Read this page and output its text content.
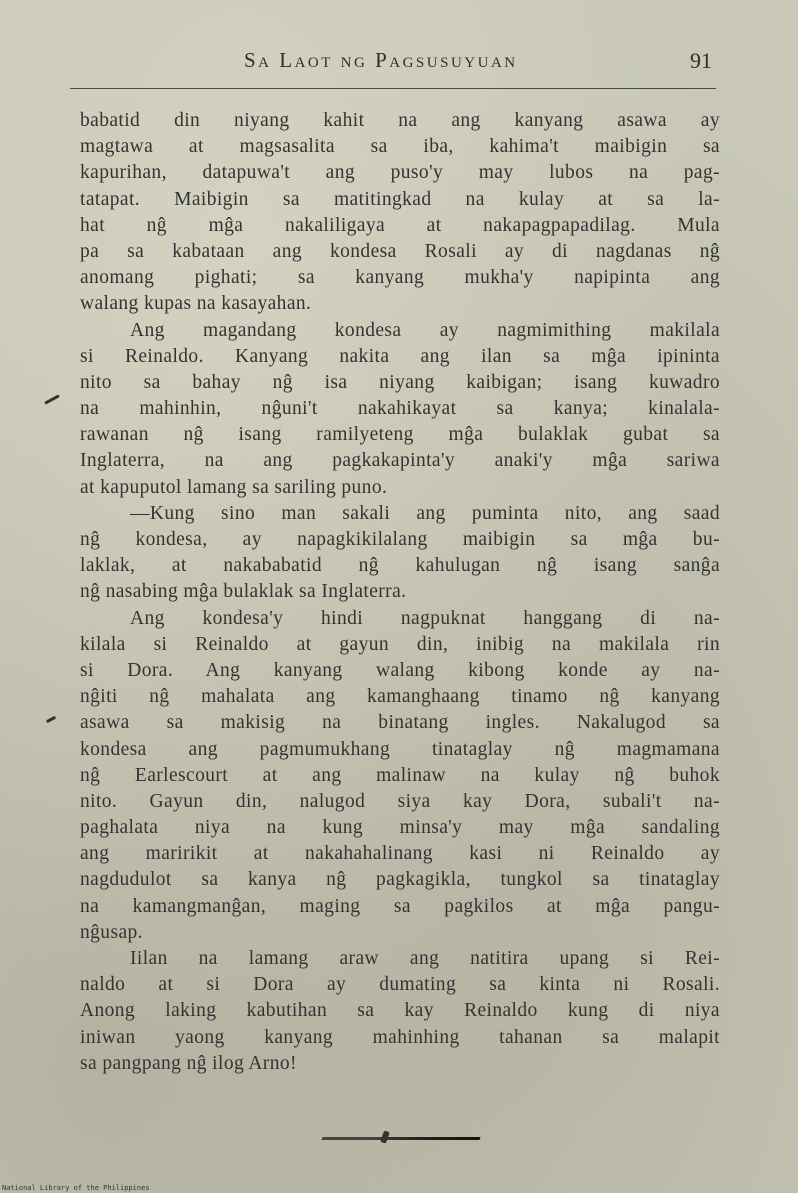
Sa Laot ng Pagsusuyuan	91
babatid din niyang kahit na ang kanyang asawa ay
magtawa at magsasalita sa iba, kahima't maibigin sa
kapurihan, datapuwa't ang puso'y may lubos na pag-
tatapat. Maibigin sa matitingkad na kulay at sa la-
hat nĝ mĝa nakaliligaya at nakapagpapadilag. Mula
pa sa kabataan ang kondesa Rosali ay di nagdanas nĝ
anomang pighati; sa kanyang mukha'y napipinta ang
walang kupas na kasayahan.
Ang magandang kondesa ay nagmimithing makilala
si Reinaldo. Kanyang nakita ang ilan sa mĝa ipininta
nito sa bahay nĝ isa niyang kaibigan; isang kuwadro
na mahinhin, nĝuni't nakahikayat sa kanya; kinalala-
rawanan nĝ isang ramilyeteng mĝa bulaklak gubat sa
Inglaterra, na ang pagkakapinta'y anaki'y mĝa sariwa
at kapuputol lamang sa sariling puno.
—Kung sino man sakali ang puminta nito, ang saad
nĝ kondesa, ay napagkikilalang maibigin sa mĝa bu-
laklak, at nakababatid nĝ kahulugan nĝ isang sanĝa
nĝ nasabing mĝa bulaklak sa Inglaterra.
Ang kondesa'y hindi nagpuknat hanggang di na-
kilala si Reinaldo at gayun din, inibig na makilala rin
si Dora. Ang kanyang walang kibong konde ay na-
nĝiti nĝ mahalata ang kamanghaang tinamo nĝ kanyang
asawa sa makisig na binatang ingles. Nakalugod sa
kondesa ang pagmumukhang tinataglay nĝ magmamana
nĝ Earlescourt at ang malinaw na kulay nĝ buhok
nito. Gayun din, nalugod siya kay Dora, subali't na-
paghalata niya na kung minsa'y may mĝa sandaling
ang maririkit at nakahahalinang kasi ni Reinaldo ay
nagdudulot sa kanya nĝ pagkagikla, tungkol sa tinataglay
na kamangmanĝan, maging sa pagkilos at mĝa pangu-
nĝusap.
Iilan na lamang araw ang natitira upang si Rei-
naldo at si Dora ay dumating sa kinta ni Rosali.
Anong laking kabutihan sa kay Reinaldo kung di niya
iniwan yaong kanyang mahinhing tahanan sa malapit
sa pangpang nĝ ilog Arno!
National Library of the Philippines
